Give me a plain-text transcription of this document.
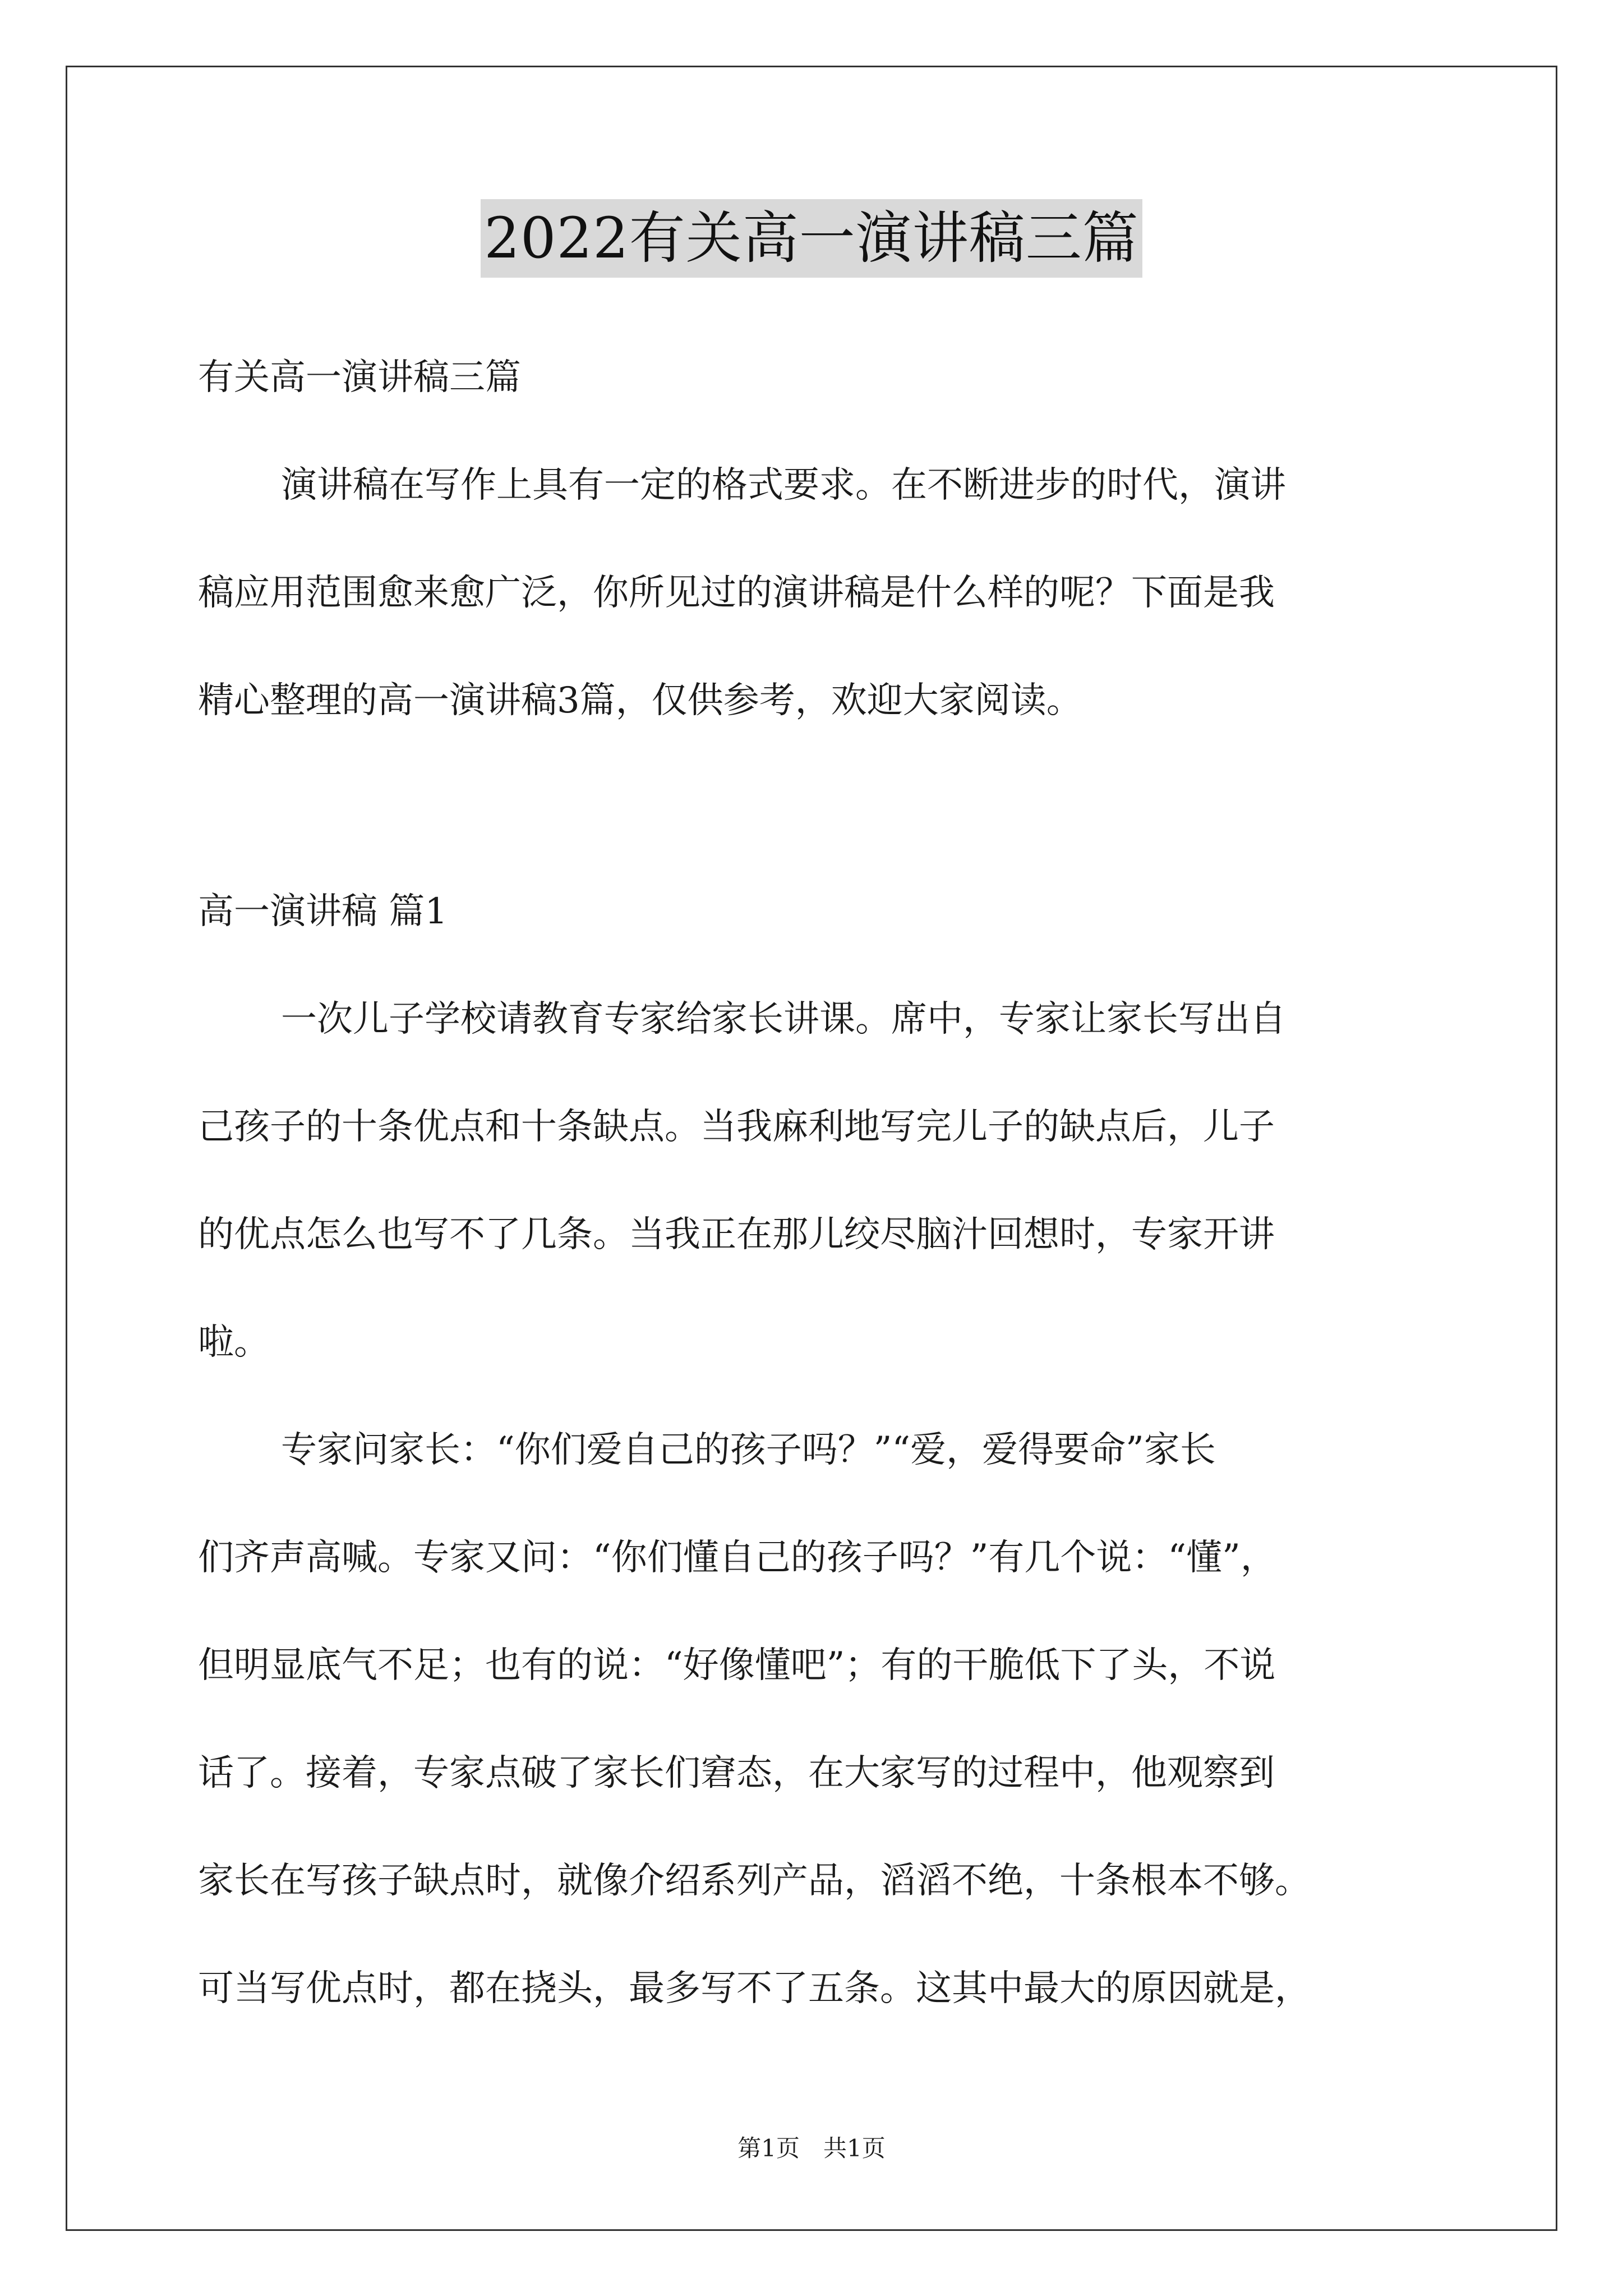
2022有关高一演讲稿三篇
有关高一演讲稿三篇
演讲稿在写作上具有一定的格式要求。在不断进步的时代，演讲
稿应用范围愈来愈广泛，你所见过的演讲稿是什么样的呢？下面是我
精心整理的高一演讲稿3篇，仅供参考，欢迎大家阅读。
高一演讲稿 篇1
一次儿子学校请教育专家给家长讲课。席中，专家让家长写出自
己孩子的十条优点和十条缺点。当我麻利地写完儿子的缺点后，儿子
的优点怎么也写不了几条。当我正在那儿绞尽脑汁回想时，专家开讲
啦。
专家问家长：“你们爱自己的孩子吗？”“爱，爱得要命”家长
们齐声高喊。专家又问：“你们懂自己的孩子吗？”有几个说：“懂”，
但明显底气不足；也有的说：“好像懂吧”；有的干脆低下了头，不说
话了。接着，专家点破了家长们窘态，在大家写的过程中，他观察到
家长在写孩子缺点时，就像介绍系列产品，滔滔不绝，十条根本不够。
可当写优点时，都在挠头，最多写不了五条。这其中最大的原因就是，
第1页　共1页
